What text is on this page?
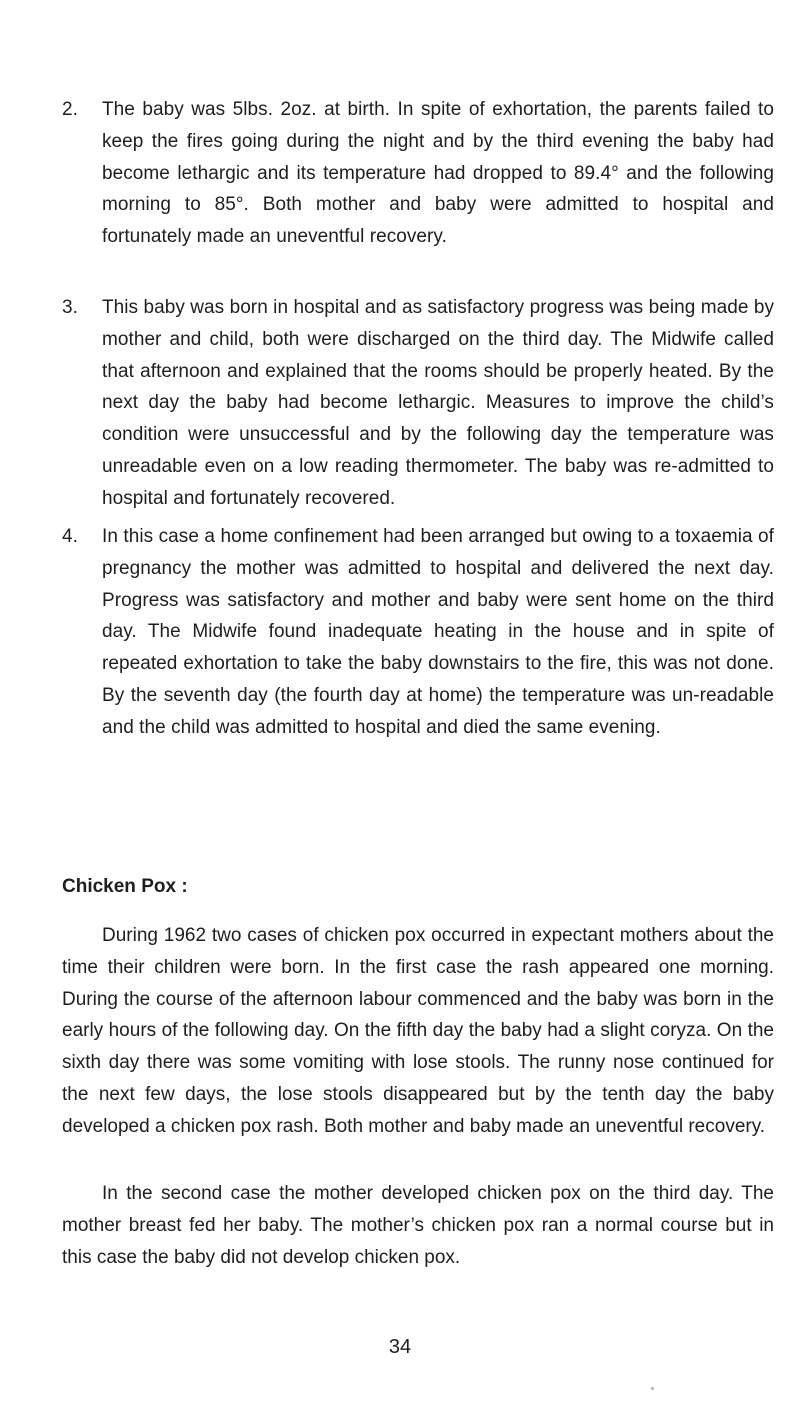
2. The baby was 5lbs. 2oz. at birth. In spite of exhortation, the parents failed to keep the fires going during the night and by the third evening the baby had become lethargic and its temperature had dropped to 89.4° and the following morning to 85°. Both mother and baby were admitted to hospital and fortunately made an uneventful recovery.
3. This baby was born in hospital and as satisfactory progress was being made by mother and child, both were discharged on the third day. The Midwife called that afternoon and explained that the rooms should be properly heated. By the next day the baby had become lethargic. Measures to improve the child’s condition were unsuccessful and by the following day the temperature was unreadable even on a low reading thermometer. The baby was re-admitted to hospital and fortunately recovered.
4. In this case a home confinement had been arranged but owing to a toxaemia of pregnancy the mother was admitted to hospital and delivered the next day. Progress was satisfactory and mother and baby were sent home on the third day. The Midwife found inadequate heating in the house and in spite of repeated exhortation to take the baby downstairs to the fire, this was not done. By the seventh day (the fourth day at home) the temperature was un-readable and the child was admitted to hospital and died the same evening.
Chicken Pox :
During 1962 two cases of chicken pox occurred in expectant mothers about the time their children were born. In the first case the rash appeared one morning. During the course of the afternoon labour commenced and the baby was born in the early hours of the following day. On the fifth day the baby had a slight coryza. On the sixth day there was some vomiting with lose stools. The runny nose continued for the next few days, the lose stools disappeared but by the tenth day the baby developed a chicken pox rash. Both mother and baby made an uneventful recovery.
In the second case the mother developed chicken pox on the third day. The mother breast fed her baby. The mother’s chicken pox ran a normal course but in this case the baby did not develop chicken pox.
34
